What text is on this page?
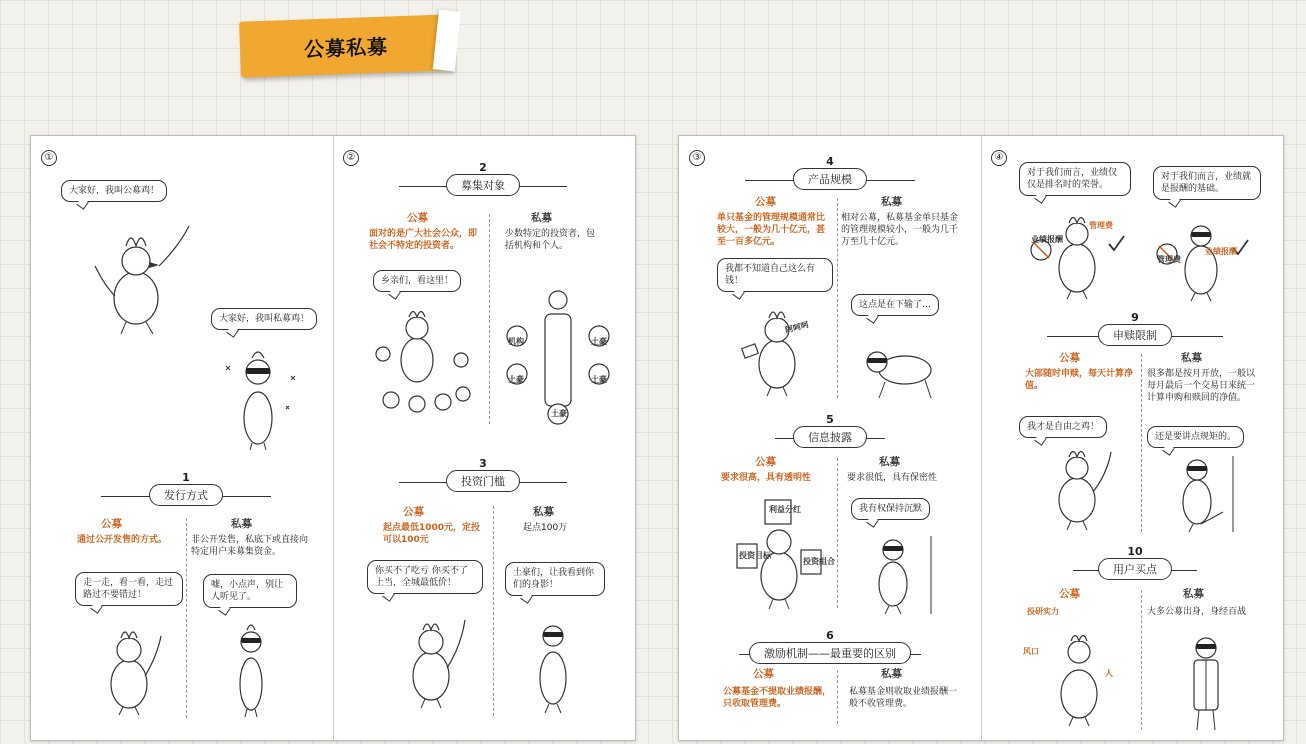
公募私募
①
大家好，我叫公募鸡！
大家好，我叫私募鸡！
1
发行方式
公募	私募
通过公开发售的方式。	非公开发售，私底下或直接向特定用户来募集资金。
走一走，看一看，走过路过不要错过！
嘘，小点声，别让人听见了。
②
2
募集对象
公募	私募
面对的是广大社会公众，即社会不特定的投资者。
少数特定的投资者，包括机构和个人。
乡亲们，看这里！
机构	土豪
土豪	土豪
土豪
3
投资门槛
公募	私募
起点最低1000元，定投可以100元
起点100万
你买不了吃亏 你买不了上当，全城最低价！
土豪们，让我看到你们的身影！
③	4
产品规模
公募	私募
单只基金的管理规模通常比较大，一般为几十亿元，甚至一百多亿元。
相对公募，私募基金单只基金的管理规模较小，一般为几千万至几十亿元。
我都不知道自己这么有钱！
阿呵呵
这点是在下输了…
5
信息披露
公募	私募
要求很高，具有透明性	要求很低，具有保密性
利益分红
投资目标
投资组合
我有权保持沉默
6
激励机制——最重要的区别
公募	私募
公募基金不提取业绩报酬，只收取管理费。
私募基金则收取业绩报酬一般不收管理费。
④
对于我们而言，业绩仅仅是排名时的荣誉。
业绩报酬
管理费
对于我们而言，业绩就是报酬的基础。
管理费
业绩报酬
9
申赎限制
公募	私募
大部随时申赎，每天计算净值。
很多都是按月开放，一般以每月最后一个交易日来统一计算申购和赎回的净值。
我才是自由之鸡！
还是要讲点规矩的。
10
用户买点
公募	私募
大多公募出身，身经百战
投研实力
风口
人
